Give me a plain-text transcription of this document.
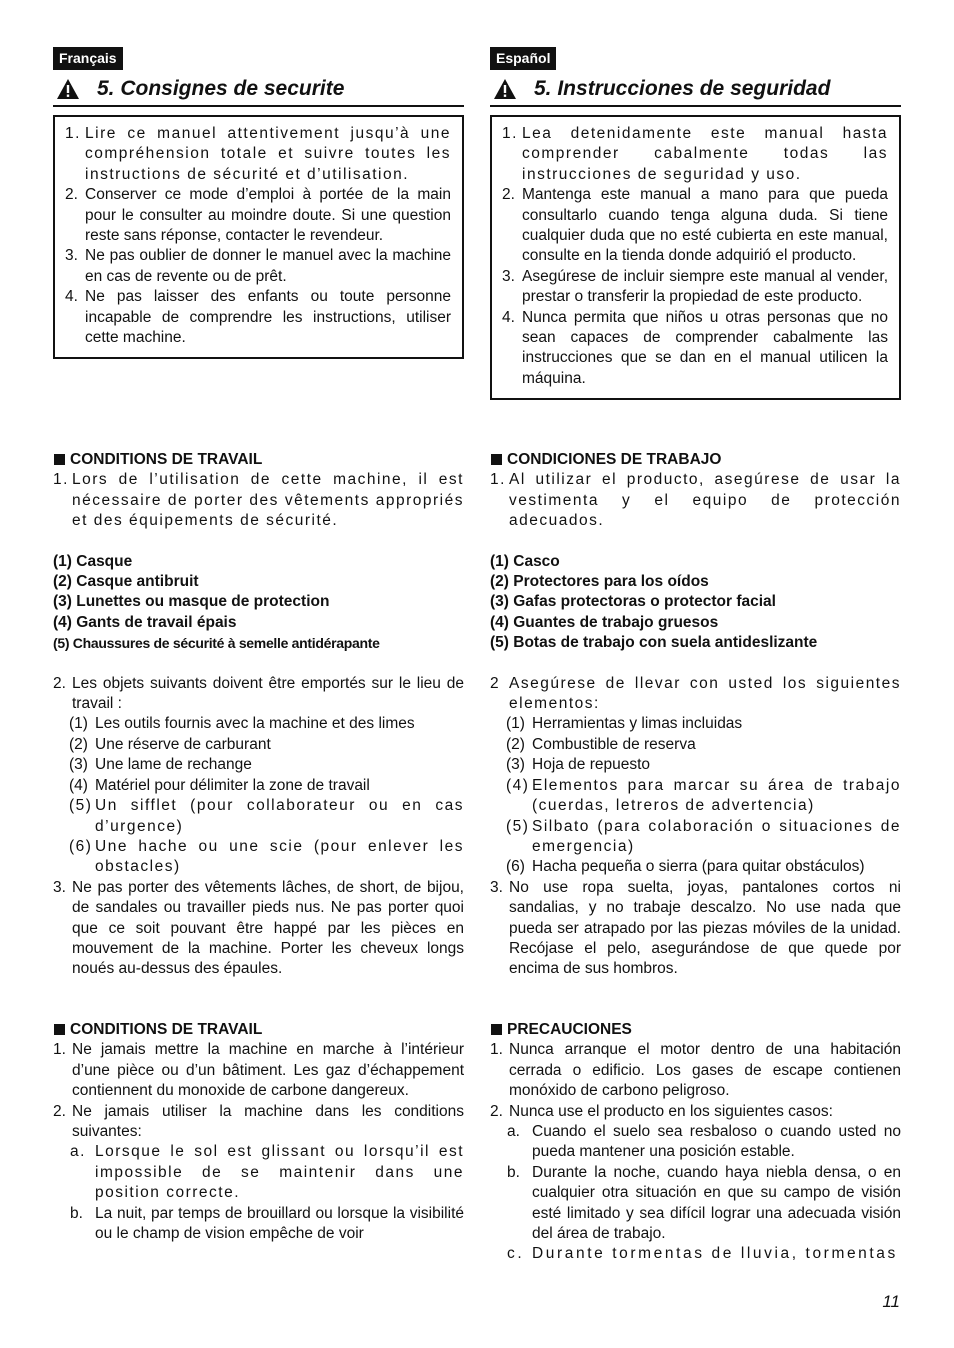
Français
5. Consignes de securite
1. Lire ce manuel attentivement jusqu’à une compréhension totale et suivre toutes les instructions de sécurité et d’utilisation.
2. Conserver ce mode d’emploi à portée de la main pour le consulter au moindre doute. Si une question reste sans réponse, contacter le revendeur.
3. Ne pas oublier de donner le manuel avec la machine en cas de revente ou de prêt.
4. Ne pas laisser des enfants ou toute personne incapable de comprendre les instructions, utiliser cette machine.
CONDITIONS DE TRAVAIL
1. Lors de l’utilisation de cette machine, il est nécessaire de porter des vêtements appropriés et des équipements de sécurité.
(1) Casque
(2) Casque antibruit
(3) Lunettes ou masque de protection
(4) Gants de travail épais
(5) Chaussures de sécurité à semelle antidérapante
2. Les objets suivants doivent être emportés sur le lieu de travail :
(1) Les outils fournis avec la machine et des limes
(2) Une réserve de carburant
(3) Une lame de rechange
(4) Matériel pour délimiter la zone de travail
(5) Un sifflet (pour collaborateur ou en cas d’urgence)
(6) Une hache ou une scie (pour enlever les obstacles)
3. Ne pas porter des vêtements lâches, de short, de bijou, de sandales ou travailler pieds nus. Ne pas porter quoi que ce soit pouvant être happé par les pièces en mouvement de la machine. Porter les cheveux longs noués au-dessus des épaules.
CONDITIONS DE TRAVAIL
1. Ne jamais mettre la machine en marche à l’intérieur d’une pièce ou d’un bâtiment. Les gaz d’échappement contiennent du monoxide de carbone dangereux.
2. Ne jamais utiliser la machine dans les conditions suivantes:
a. Lorsque le sol est glissant ou lorsqu’il est impossible de se maintenir dans une position correcte.
b. La nuit, par temps de brouillard ou lorsque la visibilité ou le champ de vision empêche de voir
Español
5. Instrucciones de seguridad
1. Lea detenidamente este manual hasta comprender cabalmente todas las instrucciones de seguridad y uso.
2. Mantenga este manual a mano para que pueda consultarlo cuando tenga alguna duda. Si tiene cualquier duda que no esté cubierta en este manual, consulte en la tienda donde adquirió el producto.
3. Asegúrese de incluir siempre este manual al vender, prestar o transferir la propiedad de este producto.
4. Nunca permita que niños u otras personas que no sean capaces de comprender cabalmente las instrucciones que se dan en el manual utilicen la máquina.
CONDICIONES DE TRABAJO
1. Al utilizar el producto, asegúrese de usar la vestimenta y el equipo de protección adecuados.
(1) Casco
(2) Protectores para los oídos
(3) Gafas protectoras o protector facial
(4) Guantes de trabajo gruesos
(5) Botas de trabajo con suela antideslizante
2 Asegúrese de llevar con usted los siguientes elementos:
(1) Herramientas y limas incluidas
(2) Combustible de reserva
(3) Hoja de repuesto
(4) Elementos para marcar su área de trabajo (cuerdas, letreros de advertencia)
(5) Silbato (para colaboración o situaciones de emergencia)
(6) Hacha pequeña o sierra (para quitar obstáculos)
3. No use ropa suelta, joyas, pantalones cortos ni sandalias, y no trabaje descalzo. No use nada que pueda ser atrapado por las piezas móviles de la unidad. Recójase el pelo, asegurándose de que quede por encima de sus hombros.
PRECAUCIONES
1. Nunca arranque el motor dentro de una habitación cerrada o edificio. Los gases de escape contienen monóxido de carbono peligroso.
2. Nunca use el producto en los siguientes casos:
a. Cuando el suelo sea resbaloso o cuando usted no pueda mantener una posición estable.
b. Durante la noche, cuando haya niebla densa, o en cualquier otra situación en que su campo de visión esté limitado y sea difícil lograr una adecuada visión del área de trabajo.
c. Durante tormentas de lluvia, tormentas
11
